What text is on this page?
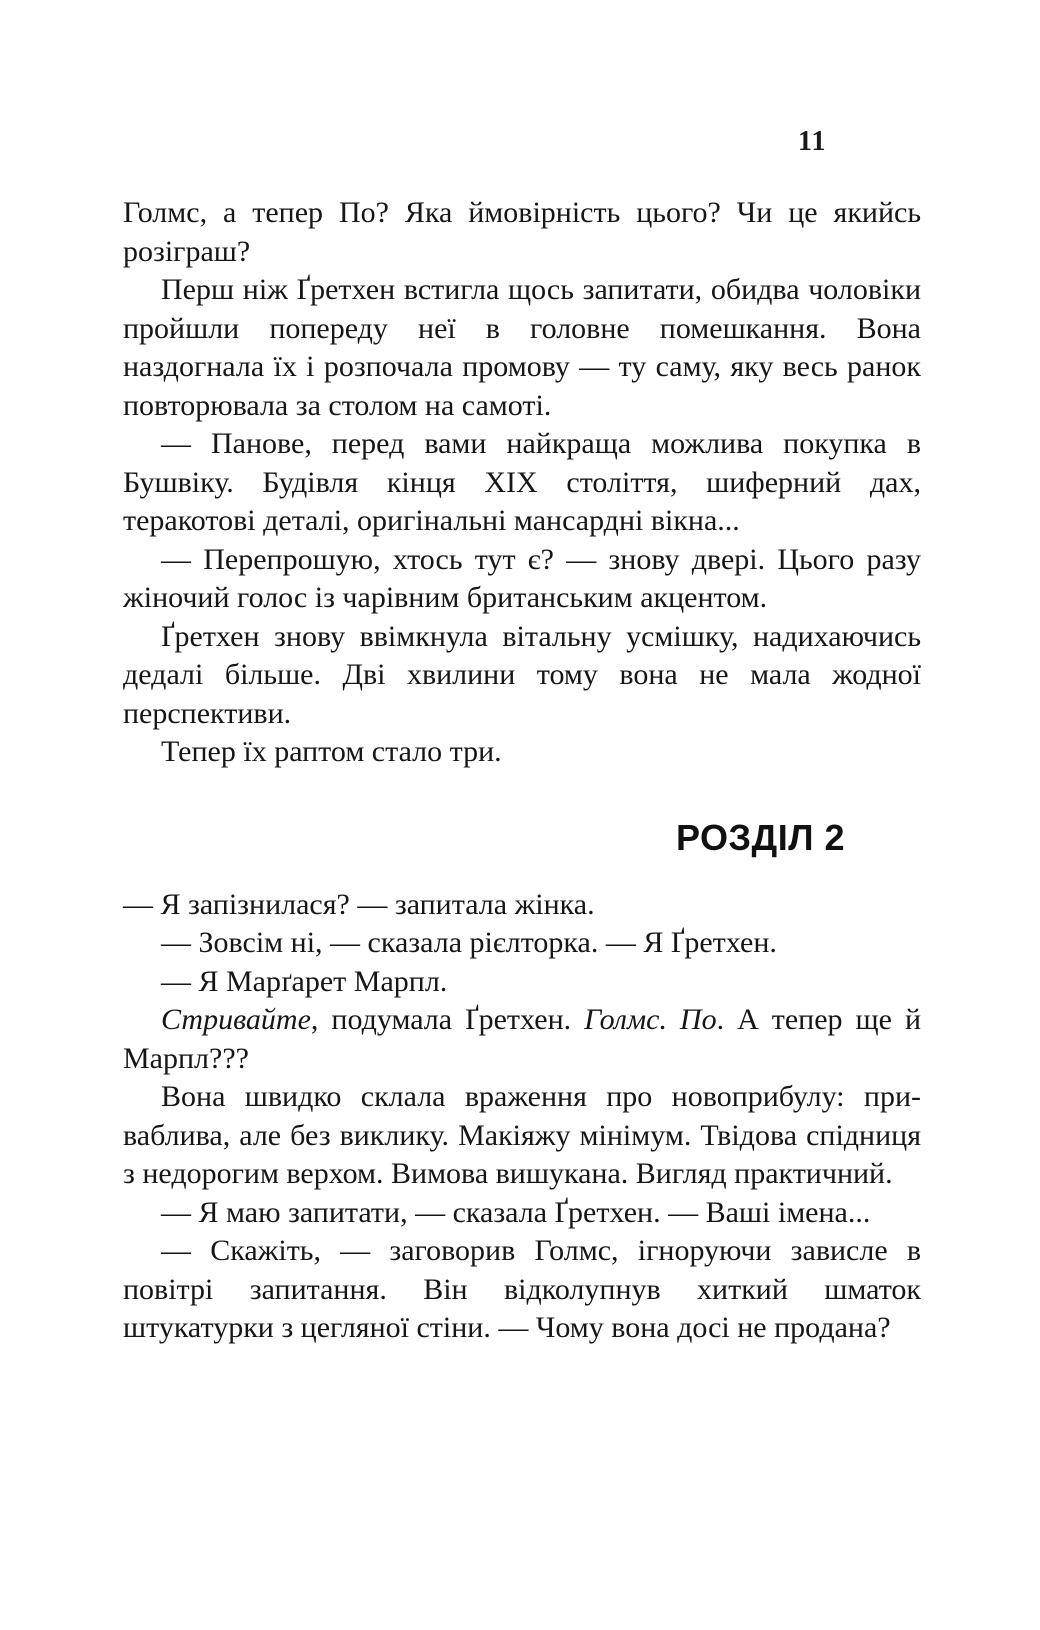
11

Голмс, а тепер По? Яка ймовірність цього? Чи це якийсь розіграш?

Перш ніж Ґретхен встигла щось запитати, обидва чоловіки пройшли попереду неї в головне помешкання. Вона наздогнала їх і розпочала промову — ту саму, яку весь ранок повторювала за столом на самоті.

— Панове, перед вами найкраща можлива покупка в Бушвіку. Будівля кінця XIX століття, шиферний дах, теракотові деталі, оригінальні мансардні вікна...

— Перепрошую, хтось тут є? — знову двері. Цього разу жіночий голос із чарівним британським акцентом.

Ґретхен знову ввімкнула вітальну усмішку, надихаючись дедалі більше. Дві хвилини тому вона не мала жодної перспективи.

Тепер їх раптом стало три.

РОЗДІЛ 2

— Я запізнилася? — запитала жінка.

— Зовсім ні, — сказала рієлторка. — Я Ґретхен.

— Я Марґарет Марпл.

Стривайте, подумала Ґретхен. Голмс. По. А тепер ще й Марпл???

Вона швидко склала враження про новоприбулу: приваблива, але без виклику. Макіяжу мінімум. Твідова спідниця з недорогим верхом. Вимова вишукана. Вигляд практичний.

— Я маю запитати, — сказала Ґретхен. — Ваші імена...

— Скажіть, — заговорив Голмс, ігноруючи зависле в повітрі запитання. Він відколупнув хиткий шматок штукатурки з цегляної стіни. — Чому вона досі не продана?
